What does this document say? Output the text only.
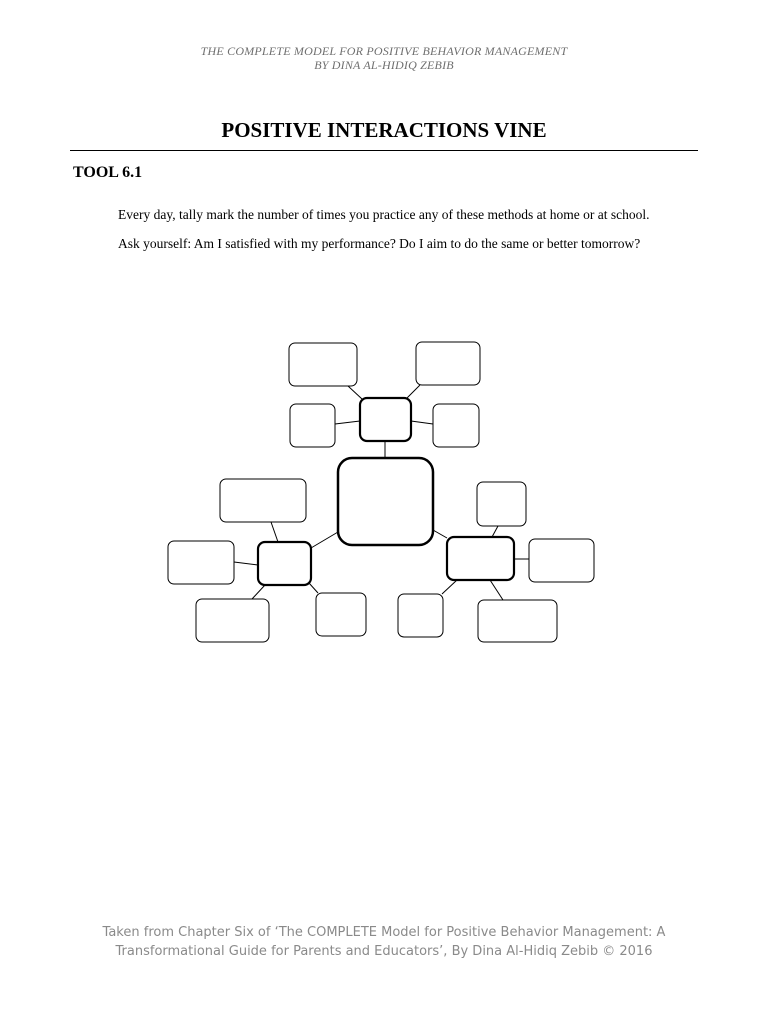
THE COMPLETE MODEL FOR POSITIVE BEHAVIOR MANAGEMENT
BY DINA AL-HIDIQ ZEBIB
POSITIVE INTERACTIONS VINE
TOOL 6.1
Every day, tally mark the number of times you practice any of these methods at home or at school.
Ask yourself: Am I satisfied with my performance? Do I aim to do the same or better tomorrow?
Taken from Chapter Six of ‘The COMPLETE Model for Positive Behavior Management: A
Transformational Guide for Parents and Educators’, By Dina Al-Hidiq Zebib © 2016
